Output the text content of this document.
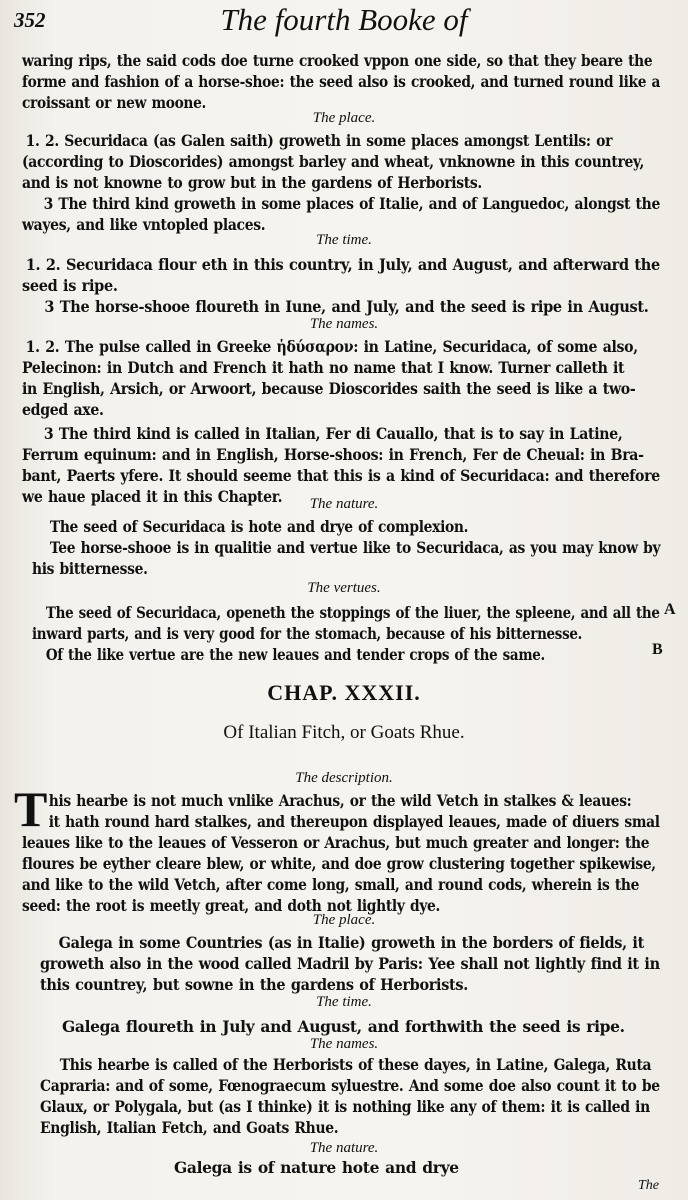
352	The fourth Booke of

waring rips, the said cods doe turne crooked vppon one side, so that they beare the

forme and fashion of a horse-shoe: the seed also is crooked, and turned round like a

croissant or new moone.

The place.

1. 2. Securidaca (as Galen saith) groweth in some places amongst Lentils: or

(according to Dioscorides) amongst barley and wheat, vnknowne in this countrey,

and is not knowne to grow but in the gardens of Herborists.

3 The third kind groweth in some places of Italie, and of Languedoc, alongst the

wayes, and like vntopled places.

The time.

1. 2. Securidaca flour eth in this country, in July, and August, and afterward the

seed is ripe.

3 The horse-shooe floureth in Iune, and July, and the seed is ripe in August.

The names.

1. 2. The pulse called in Greeke ἡδύσαρον: in Latine, Securidaca, of some also,

Pelecinon: in Dutch and French it hath no name that I know. Turner calleth it

in English, Arsich, or Arwoort, because Dioscorides saith the seed is like a two-

edged axe.

3 The third kind is called in Italian, Fer di Cauallo, that is to say in Latine,

Ferrum equinum: and in English, Horse-shoos: in French, Fer de Cheual: in Bra-

bant, Paerts yfere. It should seeme that this is a kind of Securidaca: and therefore

we haue placed it in this Chapter.	The nature.

The seed of Securidaca is hote and drye of complexion.

Tee horse-shooe is in qualitie and vertue like to Securidaca, as you may know by

his bitternesse.

The vertues.

The seed of Securidaca, openeth the stoppings of the liuer, the spleene, and all the

inward parts, and is very good for the stomach, because of his bitternesse.

Of the like vertue are the new leaues and tender crops of the same.

A
B
CHAP. XXXII.
Of Italian Fitch, or Goats Rhue.
The description.
T his hearbe is not much vnlike Arachus, or the wild Vetch in stalkes & leaues:

it hath round hard stalkes, and thereupon displayed leaues, made of diuers smal

leaues like to the leaues of Vesseron or Arachus, but much greater and longer: the

floures be eyther cleare blew, or white, and doe grow clustering together spikewise,

and like to the wild Vetch, after come long, small, and round cods, wherein is the

seed: the root is meetly great, and doth not lightly dye.

The place.

Galega in some Countries (as in Italie) groweth in the borders of fields, it

groweth also in the wood called Madril by Paris: Yee shall not lightly find it in

this countrey, but sowne in the gardens of Herborists.

The time.

Galega floureth in July and August, and forthwith the seed is ripe.

The names.

This hearbe is called of the Herborists of these dayes, in Latine, Galega, Ruta

Capraria: and of some, Fœnograecum syluestre. And some doe also count it to be

Glaux, or Polygala, but (as I thinke) it is nothing like any of them: it is called in

English, Italian Fetch, and Goats Rhue.

The nature.

Galega is of nature hote and drye

The
